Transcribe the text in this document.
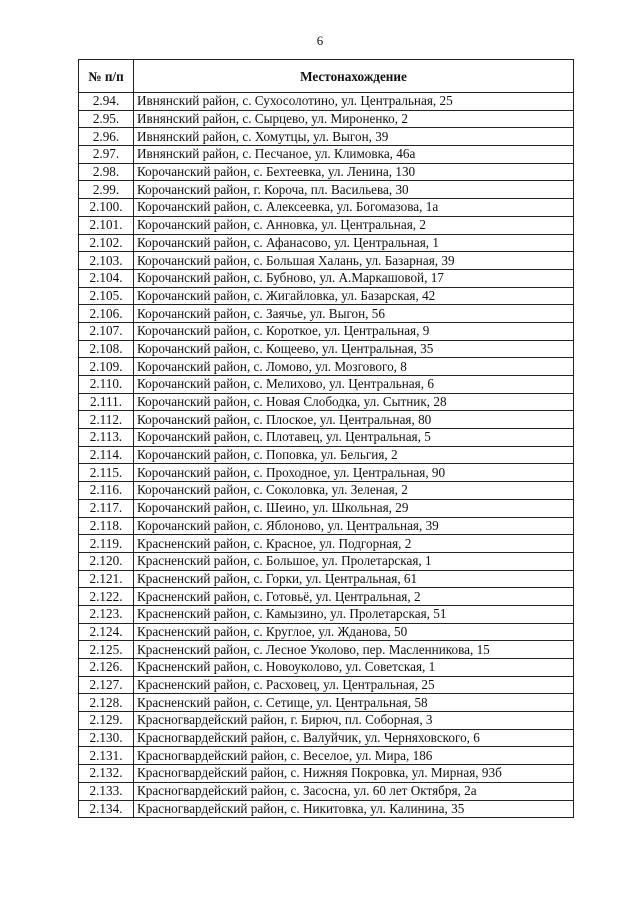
6
№ п/п	Местонахождение
2.94.	Ивнянский район, с. Сухосолотино, ул. Центральная, 25
2.95.	Ивнянский район, с. Сырцево, ул. Мироненко, 2
2.96.	Ивнянский район, с. Хомутцы, ул. Выгон, 39
2.97.	Ивнянский район, с. Песчаное, ул. Климовка, 46а
2.98.	Корочанский район, с. Бехтеевка, ул. Ленина, 130
2.99.	Корочанский район, г. Короча, пл. Васильева, 30
2.100.	Корочанский район, с. Алексеевка, ул. Богомазова, 1а
2.101.	Корочанский район, с. Анновка, ул. Центральная, 2
2.102.	Корочанский район, с. Афанасово, ул. Центральная, 1
2.103.	Корочанский район, с. Большая Халань, ул. Базарная, 39
2.104.	Корочанский район, с. Бубново, ул. А.Маркашовой, 17
2.105.	Корочанский район, с. Жигайловка, ул. Базарская, 42
2.106.	Корочанский район, с. Заячье, ул. Выгон, 56
2.107.	Корочанский район, с. Короткое, ул. Центральная, 9
2.108.	Корочанский район, с. Кощеево, ул. Центральная, 35
2.109.	Корочанский район, с. Ломово, ул. Мозгового, 8
2.110.	Корочанский район, с. Мелихово, ул. Центральная, 6
2.111.	Корочанский район, с. Новая Слободка, ул. Сытник, 28
2.112.	Корочанский район, с. Плоское, ул. Центральная, 80
2.113.	Корочанский район, с. Плотавец, ул. Центральная, 5
2.114.	Корочанский район, с. Поповка, ул. Бельгия, 2
2.115.	Корочанский район, с. Проходное, ул. Центральная, 90
2.116.	Корочанский район, с. Соколовка, ул. Зеленая, 2
2.117.	Корочанский район, с. Шеино, ул. Школьная, 29
2.118.	Корочанский район, с. Яблоново, ул. Центральная, 39
2.119.	Красненский район, с. Красное, ул. Подгорная, 2
2.120.	Красненский район, с. Большое, ул. Пролетарская, 1
2.121.	Красненский район, с. Горки, ул. Центральная, 61
2.122.	Красненский район, с. Готовьё, ул. Центральная, 2
2.123.	Красненский район, с. Камызино, ул. Пролетарская, 51
2.124.	Красненский район, с. Круглое, ул. Жданова, 50
2.125.	Красненский район, с. Лесное Уколово, пер. Масленникова, 15
2.126.	Красненский район, с. Новоуколово, ул. Советская, 1
2.127.	Красненский район, с. Расховец, ул. Центральная, 25
2.128.	Красненский район, с. Сетище, ул. Центральная, 58
2.129.	Красногвардейский район, г. Бирюч, пл. Соборная, 3
2.130.	Красногвардейский район, с. Валуйчик, ул. Черняховского, 6
2.131.	Красногвардейский район, с. Веселое, ул. Мира, 186
2.132.	Красногвардейский район, с. Нижняя Покровка, ул. Мирная, 93б
2.133.	Красногвардейский район, с. Засосна, ул. 60 лет Октября, 2а
2.134.	Красногвардейский район, с. Никитовка, ул. Калинина, 35
